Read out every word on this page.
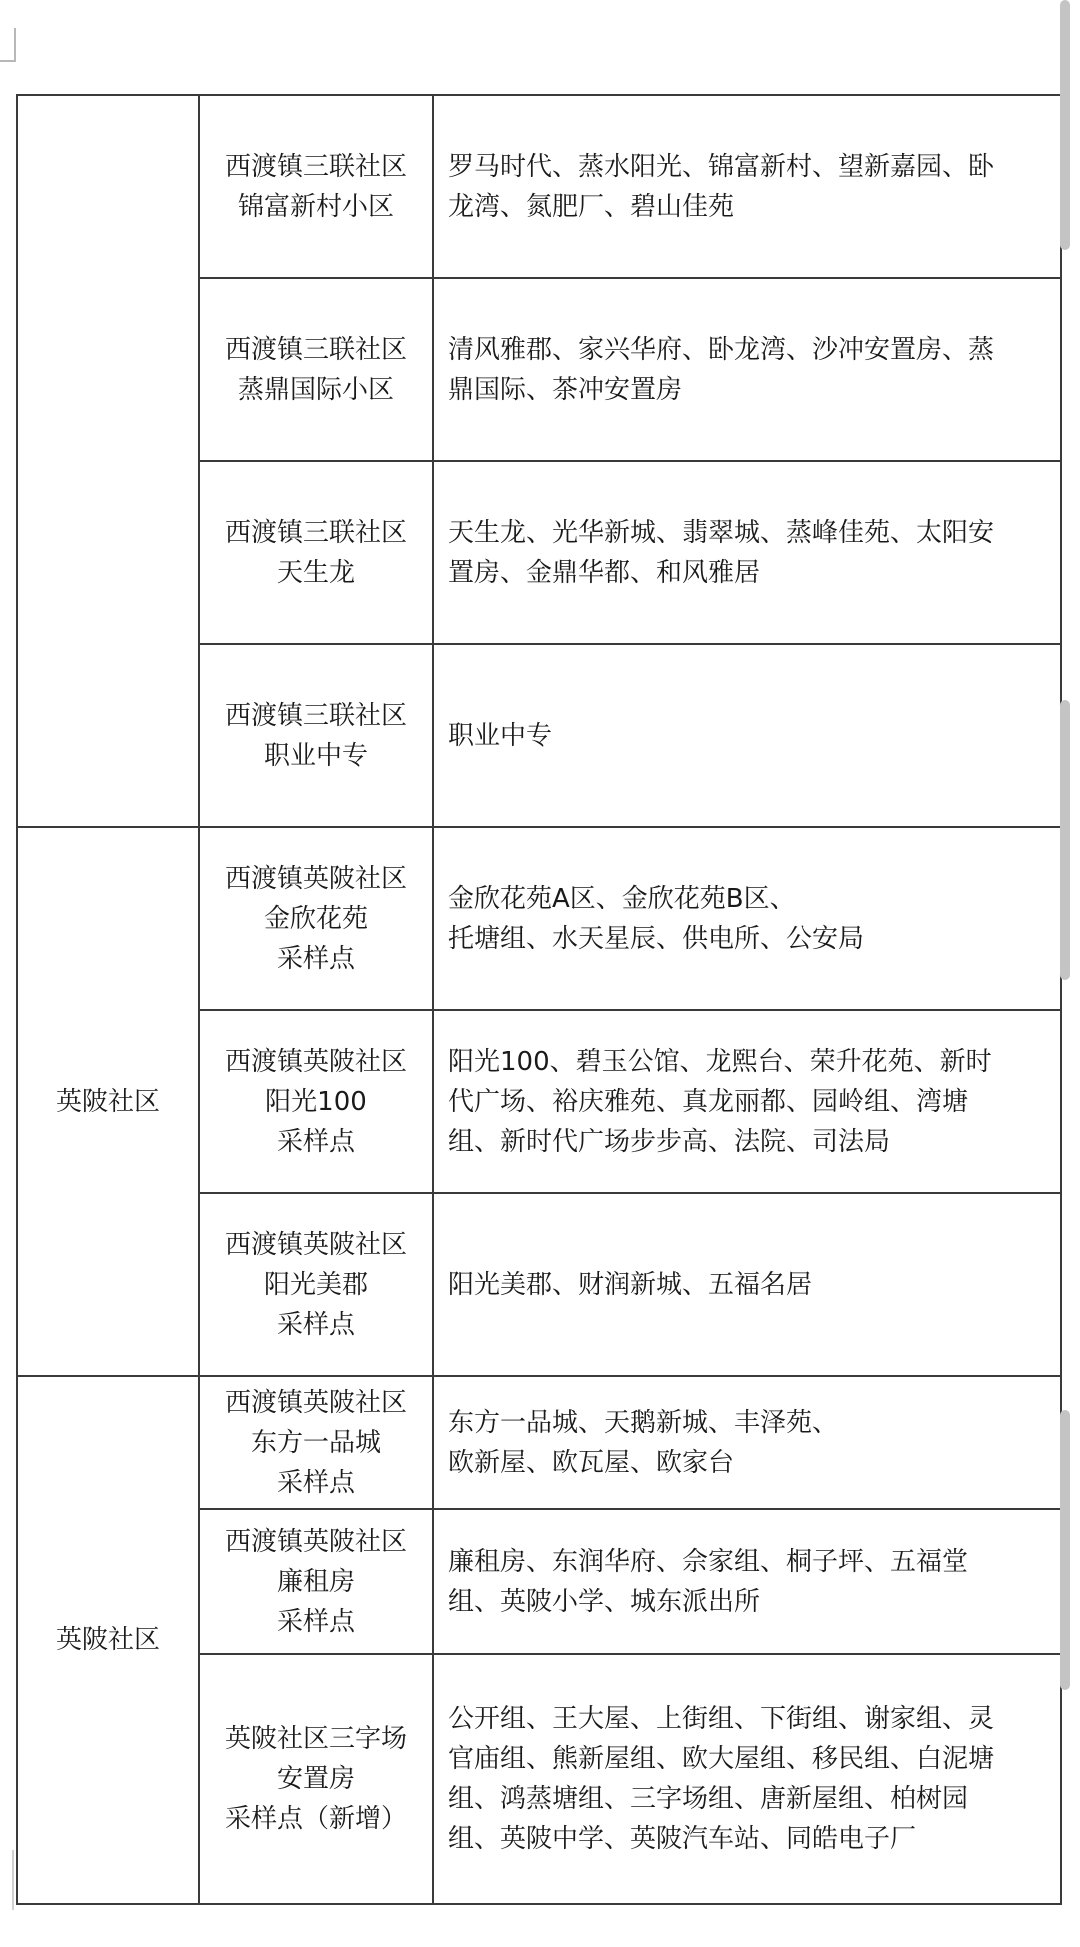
	西渡镇三联社区
锦富新村小区	罗马时代、蒸水阳光、锦富新村、望新嘉园、卧
龙湾、氮肥厂、碧山佳苑

	西渡镇三联社区
蒸鼎国际小区	清风雅郡、家兴华府、卧龙湾、沙冲安置房、蒸
鼎国际、茶冲安置房

	西渡镇三联社区
天生龙	天生龙、光华新城、翡翠城、蒸峰佳苑、太阳安
置房、金鼎华都、和风雅居

	西渡镇三联社区
职业中专	职业中专

英陂社区	西渡镇英陂社区
金欣花苑
采样点	金欣花苑A区、金欣花苑B区、
托塘组、水天星辰、供电所、公安局

	西渡镇英陂社区
阳光100
采样点	阳光100、碧玉公馆、龙熙台、荣升花苑、新时
代广场、裕庆雅苑、真龙丽都、园岭组、湾塘
组、新时代广场步步高、法院、司法局

	西渡镇英陂社区
阳光美郡
采样点	阳光美郡、财润新城、五福名居

英陂社区	西渡镇英陂社区
东方一品城
采样点	东方一品城、天鹅新城、丰泽苑、
欧新屋、欧瓦屋、欧家台

	西渡镇英陂社区
廉租房
采样点	廉租房、东润华府、佘家组、桐子坪、五福堂
组、英陂小学、城东派出所

	英陂社区三字场
安置房
采样点（新增）	公开组、王大屋、上街组、下街组、谢家组、灵
官庙组、熊新屋组、欧大屋组、移民组、白泥塘
组、鸿蒸塘组、三字场组、唐新屋组、柏树园
组、英陂中学、英陂汽车站、同皓电子厂
